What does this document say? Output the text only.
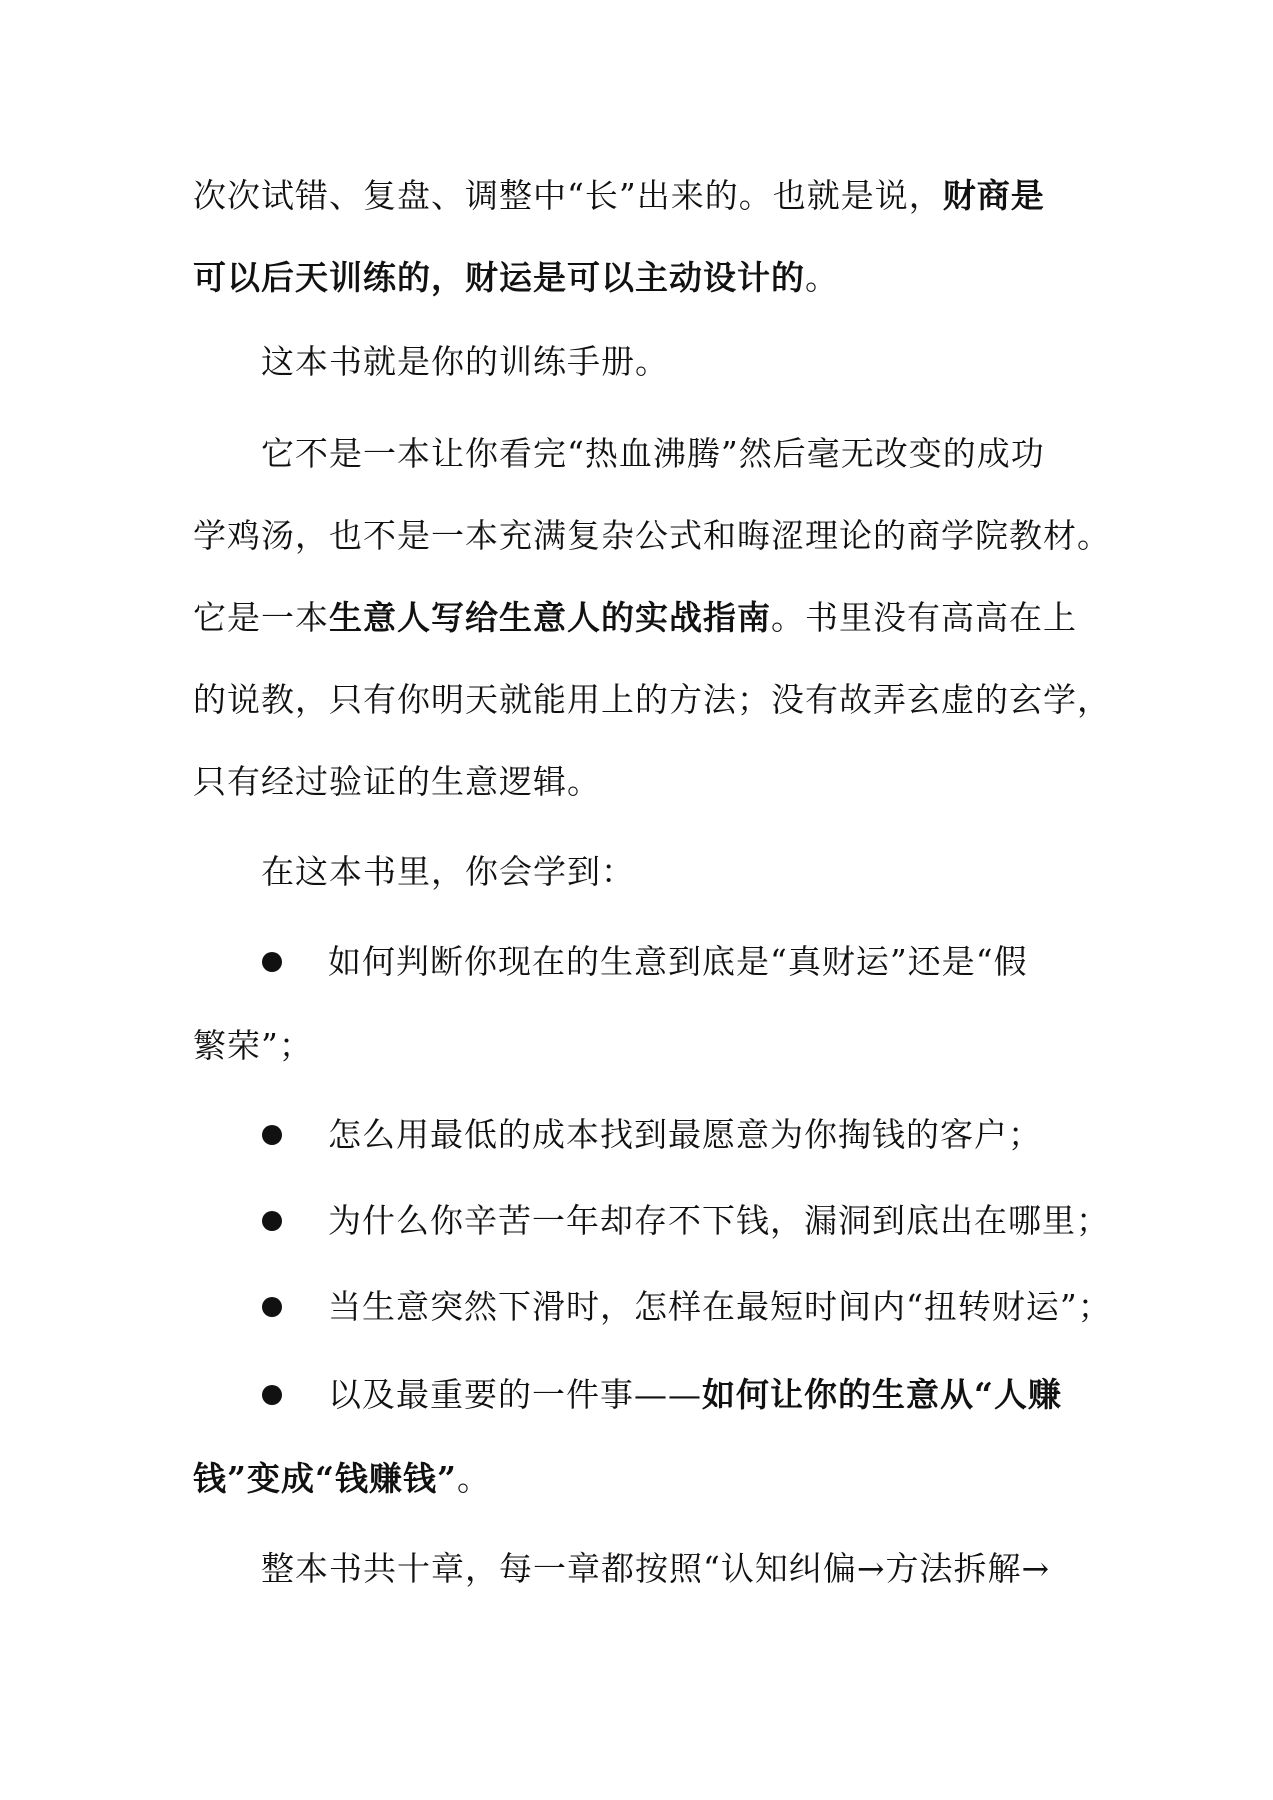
次次试错、复盘、调整中“长”出来的。也就是说，财商是
可以后天训练的，财运是可以主动设计的。
这本书就是你的训练手册。
它不是一本让你看完“热血沸腾”然后毫无改变的成功
学鸡汤，也不是一本充满复杂公式和晦涩理论的商学院教材。
它是一本生意人写给生意人的实战指南。书里没有高高在上
的说教，只有你明天就能用上的方法；没有故弄玄虚的玄学，
只有经过验证的生意逻辑。
在这本书里，你会学到：
如何判断你现在的生意到底是“真财运”还是“假
繁荣”；
怎么用最低的成本找到最愿意为你掏钱的客户；
为什么你辛苦一年却存不下钱，漏洞到底出在哪里；
当生意突然下滑时，怎样在最短时间内“扭转财运”；
以及最重要的一件事——如何让你的生意从“人赚
钱”变成“钱赚钱”。
整本书共十章，每一章都按照“认知纠偏→方法拆解→
